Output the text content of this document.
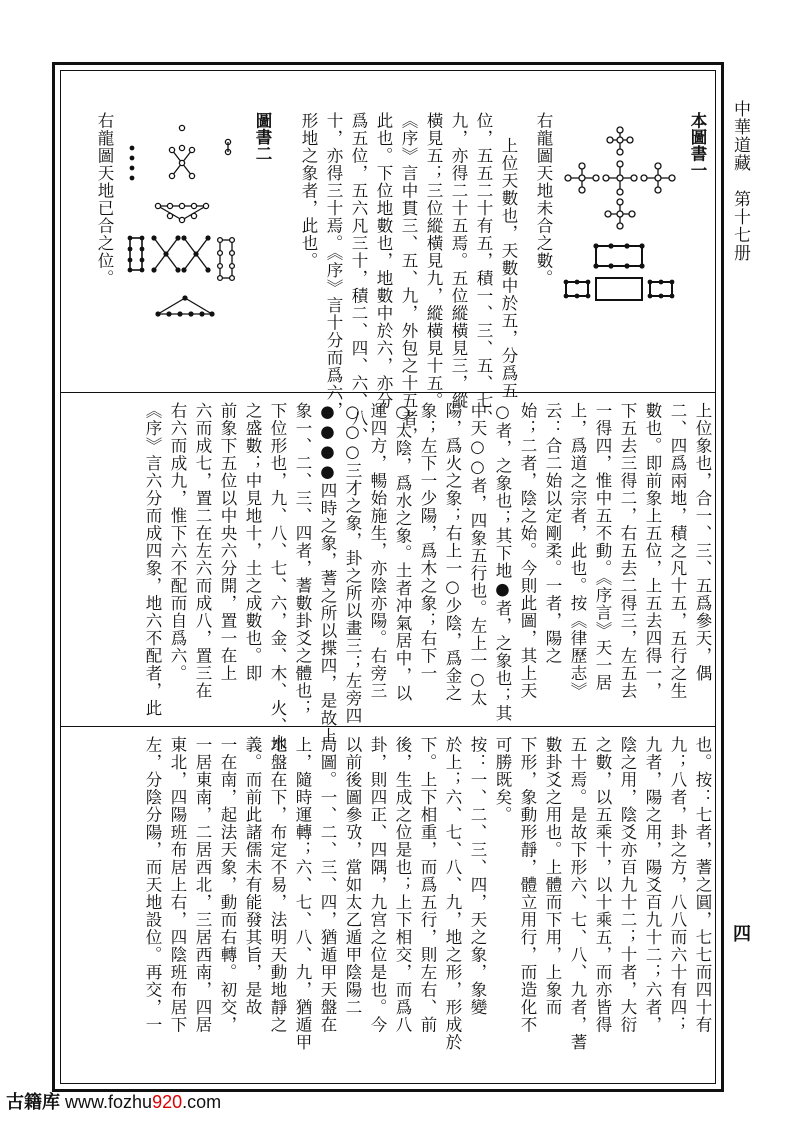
中華道藏　第十七册
四
本圖書一
右龍圖天地未合之數。
上位天數也，天數中於五，分爲五
位，五五二十有五，積一、三、五、七、
九，亦得二十五焉。五位縱橫見三，縱
橫見五；三位縱橫見九，縱橫見十五。
《序》言中貫三、五、九，外包之十五者，
此也。下位地數也，地數中於六，亦分
爲五位，五六凡三十，積二、四、六、八、
十，亦得三十焉。《序》言十分而爲六，
形地之象者，此也。
圖書二
右龍圖天地已合之位。
上位象也，合一、三、五爲參天，偶
二、四爲兩地，積之凡十五，五行之生
數也。即前象上五位，上五去四得一，
下五去三得二，右五去二得三，左五去
一得四，惟中五不動。《序言》天一居
上，爲道之宗者，此也。按《律歷志》
云：合二始以定剛柔。一者，陽之
始；二者，陰之始。今則此圖，其上天
○者，之象也；其下地●者，之象也；其
中天○○者，四象五行也。左上一○太
陽，爲火之象；右上一○少陰，爲金之
象；左下一少陽，爲木之象；右下一
○太陰，爲水之象。土者冲氣居中，以
運四方，暢始施生，亦陰亦陽。右旁三
○○○三才之象，卦之所以畫三；左旁四
●●●●四時之象，蓍之所以揲四，是故上
象一、二、三、四者，蓍數卦爻之體也；
下位形也，九、八、七、六，金、木、火、水
之盛數；中見地十，土之成數也。即
前象下五位以中央六分開，置一在上
六而成七，置二在左六而成八，置三在
右六而成九，惟下六不配而自爲六。
《序》言六分而成四象，地六不配者，此
也。按：七者，蓍之圓，七七而四十有
九；八者，卦之方，八八而六十有四；
九者，陽之用，陽爻百九十二；六者，
陰之用，陰爻亦百九十二；十者，大衍
之數，以五乘十，以十乘五，而亦皆得
五十焉。是故下形六、七、八、九者，蓍
數卦爻之用也。上體而下用，上象而
下形，象動形靜，體立用行，而造化不
可勝既矣。
按：一、二、三、四，天之象，象變
於上；六、七、八、九，地之形，形成於
下。上下相重，而爲五行，則左右、前
後，生成之位是也；上下相交，而爲八
卦，則四正、四隅，九宫之位是也。今
以前後圖參攷，當如太乙遁甲陰陽二
局圖。一、二、三、四，猶遁甲天盤在
上，隨時運轉；六、七、八、九，猶遁甲
地盤在下，布定不易，法明天動地靜之
義。而前此諸儒未有能發其旨，是故
一在南，起法天象，動而右轉。初交，
一居東南，二居西北，三居西南，四居
東北，四陽班布居上右，四陰班布居下
左，分陰分陽，而天地設位。再交，一
古籍库 www.fozhu920.com
